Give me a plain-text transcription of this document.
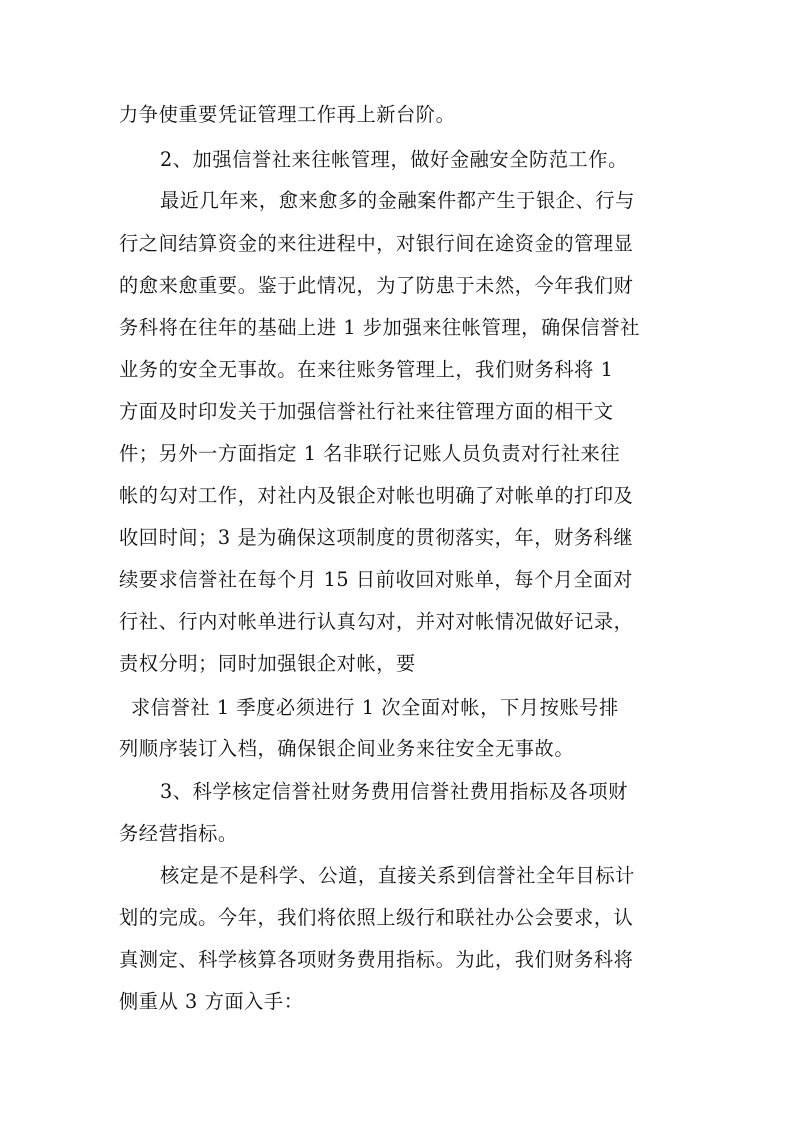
力争使重要凭证管理工作再上新台阶。
2、加强信誉社来往帐管理，做好金融安全防范工作。
最近几年来，愈来愈多的金融案件都产生于银企、行与
行之间结算资金的来往进程中，对银行间在途资金的管理显
的愈来愈重要。鉴于此情况，为了防患于未然，今年我们财
务科将在往年的基础上进 1 步加强来往帐管理，确保信誉社
业务的安全无事故。在来往账务管理上，我们财务科将 1
方面及时印发关于加强信誉社行社来往管理方面的相干文
件；另外一方面指定 1 名非联行记账人员负责对行社来往
帐的勾对工作，对社内及银企对帐也明确了对帐单的打印及
收回时间；3 是为确保这项制度的贯彻落实，年，财务科继
续要求信誉社在每个月 15 日前收回对账单，每个月全面对
行社、行内对帐单进行认真勾对，并对对帐情况做好记录，
责权分明；同时加强银企对帐，要
求信誉社 1 季度必须进行 1 次全面对帐，下月按账号排
列顺序装订入档，确保银企间业务来往安全无事故。
3、科学核定信誉社财务费用信誉社费用指标及各项财
务经营指标。
核定是不是科学、公道，直接关系到信誉社全年目标计
划的完成。今年，我们将依照上级行和联社办公会要求，认
真测定、科学核算各项财务费用指标。为此，我们财务科将
侧重从 3 方面入手：
